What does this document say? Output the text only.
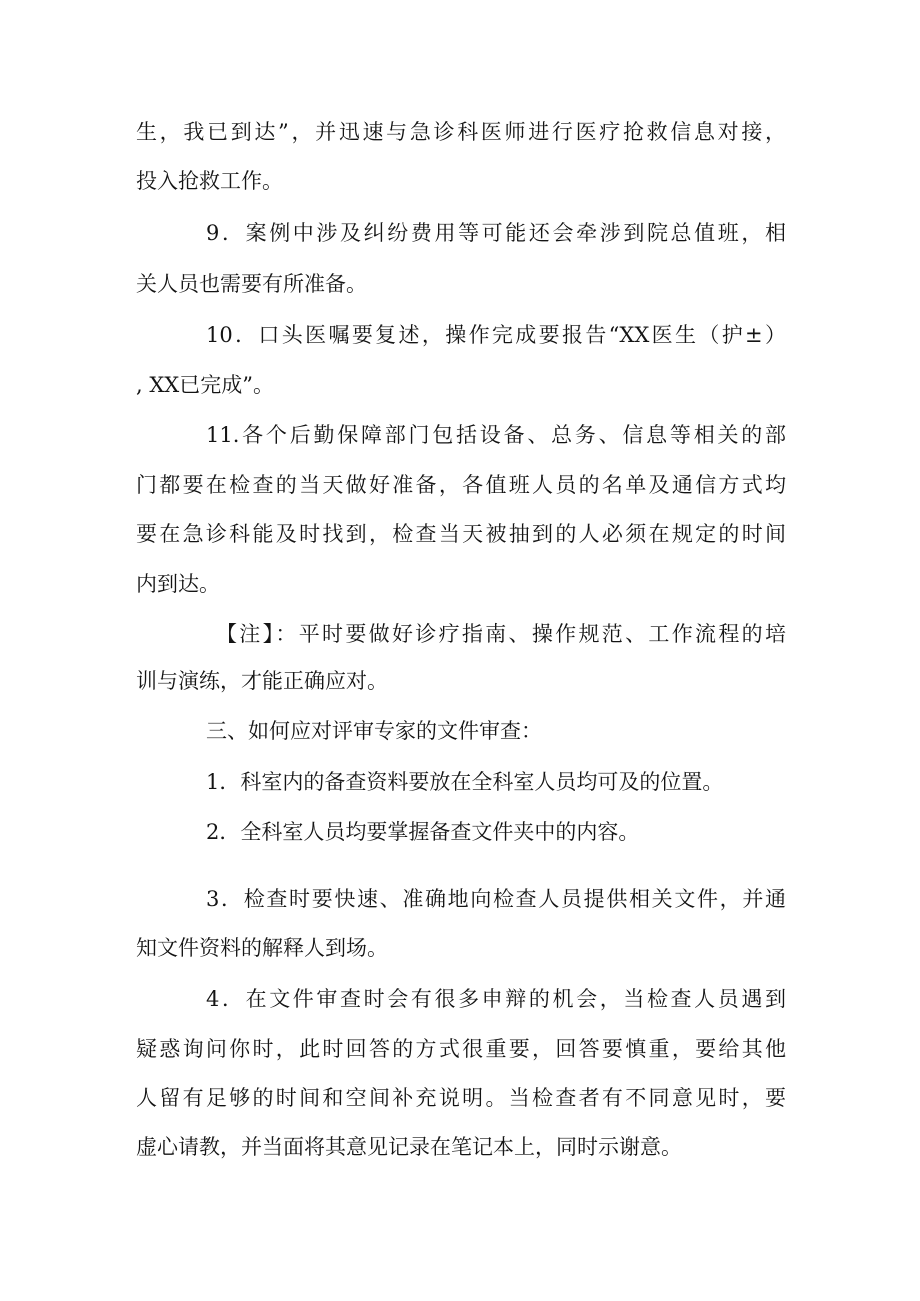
生，我已到达”，并迅速与急诊科医师进行医疗抢救信息对接，

投入抢救工作。

9．案例中涉及纠纷费用等可能还会牵涉到院总值班，相

关人员也需要有所准备。

10．口头医嘱要复述，操作完成要报告“XX医生（护±）

, XX已完成”。

11.各个后勤保障部门包括设备、总务、信息等相关的部

门都要在检查的当天做好准备，各值班人员的名单及通信方式均

要在急诊科能及时找到，检查当天被抽到的人必须在规定的时间

内到达。

【注】：平时要做好诊疗指南、操作规范、工作流程的培

训与演练，才能正确应对。

三、如何应对评审专家的文件审查：

1．科室内的备查资料要放在全科室人员均可及的位置。

2．全科室人员均要掌握备查文件夹中的内容。

3．检查时要快速、准确地向检查人员提供相关文件，并通

知文件资料的解释人到场。

4．在文件审查时会有很多申辩的机会，当检查人员遇到

疑惑询问你时，此时回答的方式很重要，回答要慎重，要给其他

人留有足够的时间和空间补充说明。当检查者有不同意见时，要

虚心请教，并当面将其意见记录在笔记本上，同时示谢意。
